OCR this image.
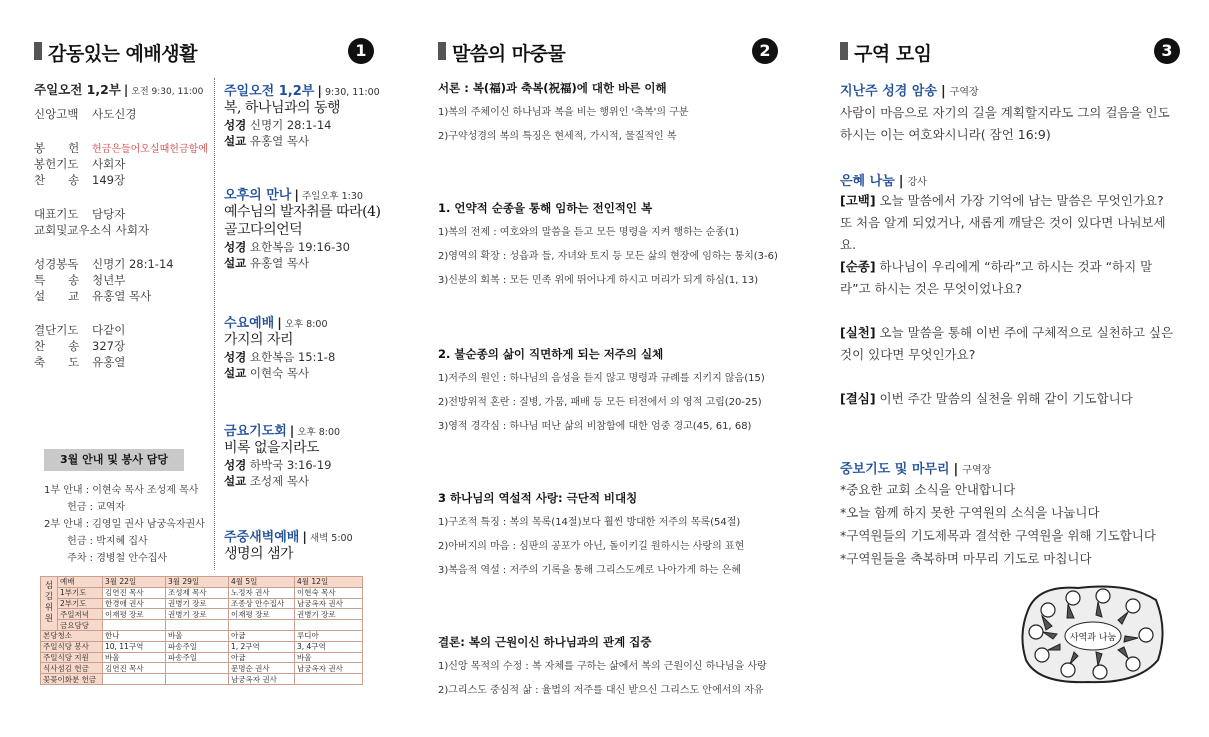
감동있는 예배생활	1
주일오전 1,2부 | 오전 9:30, 11:00
신앙고백 사도신경
봉　　헌 헌금은들어오실때헌금함에
봉헌기도 사회자
찬　　송 149장
대표기도 담당자
교회및교우소식 사회자
성경봉독 신명기 28:1-14
특　　송 청년부
설　　교 유홍열 목사
결단기도 다같이
찬　　송 327장
축　　도 유홍열
주일오전 1,2부 | 9:30, 11:00
복, 하나님과의 동행
성경 신명기 28:1-14
설교 유홍열 목사
오후의 만나 | 주일오후 1:30
예수님의 발자취를 따라(4)
골고다의언덕
성경 요한복음 19:16-30
설교 유홍열 목사
수요예배 | 오후 8:00
가지의 자리
성경 요한복음 15:1-8
설교 이현숙 목사
금요기도회 | 오후 8:00
비록 없을지라도
성경 하박국 3:16-19
설교 조성제 목사
주중새벽예배 | 새벽 5:00
생명의 샘가
3월 안내 및 봉사 담당
1부 안내 : 이현숙 목사 조성제 목사
　　 헌금 : 교역자
2부 안내 : 김영일 권사 남궁옥자권사
　　 헌금 : 박지혜 집사
　　 주차 : 경병철 안수집사
섬김위원	예배	3월 22일	3월 29일	4월 5일	4월 12일
	1부기도	김연진 목사	조성제 목사	노정자 권사	이현숙 목사
	2부기도	한경애 권사	권병기 장로	조종상 안수집사	남궁옥자 권사
	주일저녁	이재평 장로	권병기 장로	이재평 장로	권병기 장로
	금요담당				
본당청소		한나	바울	아굽	루디아
주일식당 봉사		10, 11구역	파송주일	1, 2구역	3, 4구역
주일식당 지원		바울	파송주일	아굽	바울
식사섬김 헌금		김연진 목사		문명순 권사	남궁옥자 권사
꽃꽂이화분 헌금				남궁옥자 권사	
말씀의 마중물	2
서론 : 복(福)과 축복(祝福)에 대한 바른 이해
1)복의 주체이신 하나님과 복을 비는 행위인 '축복'의 구분
2)구약성경의 복의 특징은 현세적, 가시적, 물질적인 복
1. 언약적 순종을 통해 임하는 전인적인 복
1)복의 전제 : 여호와의 말씀을 듣고 모든 명령을 지켜 행하는 순종(1)
2)영역의 확장 : 성읍과 들, 자녀와 토지 등 모든 삶의 현장에 임하는 통치(3-6)
3)신분의 회복 : 모든 민족 위에 뛰어나게 하시고 머리가 되게 하심(1, 13)
2. 불순종의 삶이 직면하게 되는 저주의 실체
1)저주의 원인 : 하나님의 음성을 듣지 않고 명령과 규례를 지키지 않음(15)
2)전방위적 혼란 : 질병, 가뭄, 패배 등 모든 터전에서 의 영적 고립(20-25)
3)영적 경각심 : 하나님 떠난 삶의 비참함에 대한 엄중 경고(45, 61, 68)
3 하나님의 역설적 사랑: 극단적 비대칭
1)구조적 특징 : 복의 목록(14절)보다 훨씬 방대한 저주의 목록(54절)
2)아버지의 마음 : 심판의 공포가 아닌, 돌이키길 원하시는 사랑의 표현
3)복음적 역설 : 저주의 기록을 통해 그리스도께로 나아가게 하는 은혜
결론: 복의 근원이신 하나님과의 관계 집중
1)신앙 목적의 수정 : 복 자체를 구하는 삶에서 복의 근원이신 하나님을 사랑
2)그리스도 중심적 삶 : 율법의 저주를 대신 받으신 그리스도 안에서의 자유
구역 모임	3
지난주 성경 암송 | 구역장
사람이 마음으로 자기의 길을 계획할지라도 그의 걸음을 인도하시는 이는 여호와시니라( 잠언 16:9)
은혜 나눔 | 강사
[고백] 오늘 말씀에서 가장 기억에 남는 말씀은 무엇인가요? 또 처음 알게 되었거나, 새롭게 깨달은 것이 있다면 나눠보세요.
[순종] 하나님이 우리에게 “하라”고 하시는 것과 “하지 말라”고 하시는 것은 무엇이었나요?
[실천] 오늘 말씀을 통해 이번 주에 구체적으로 실천하고 싶은 것이 있다면 무엇인가요?
[결심] 이번 주간 말씀의 실천을 위해 같이 기도합니다
중보기도 및 마무리 | 구역장
*중요한 교회 소식을 안내합니다
*오늘 함께 하지 못한 구역원의 소식을 나눕니다
*구역원들의 기도제목과 결석한 구역원을 위해 기도합니다
*구역원들을 축복하며 마무리 기도로 마칩니다
사역과 나눔
